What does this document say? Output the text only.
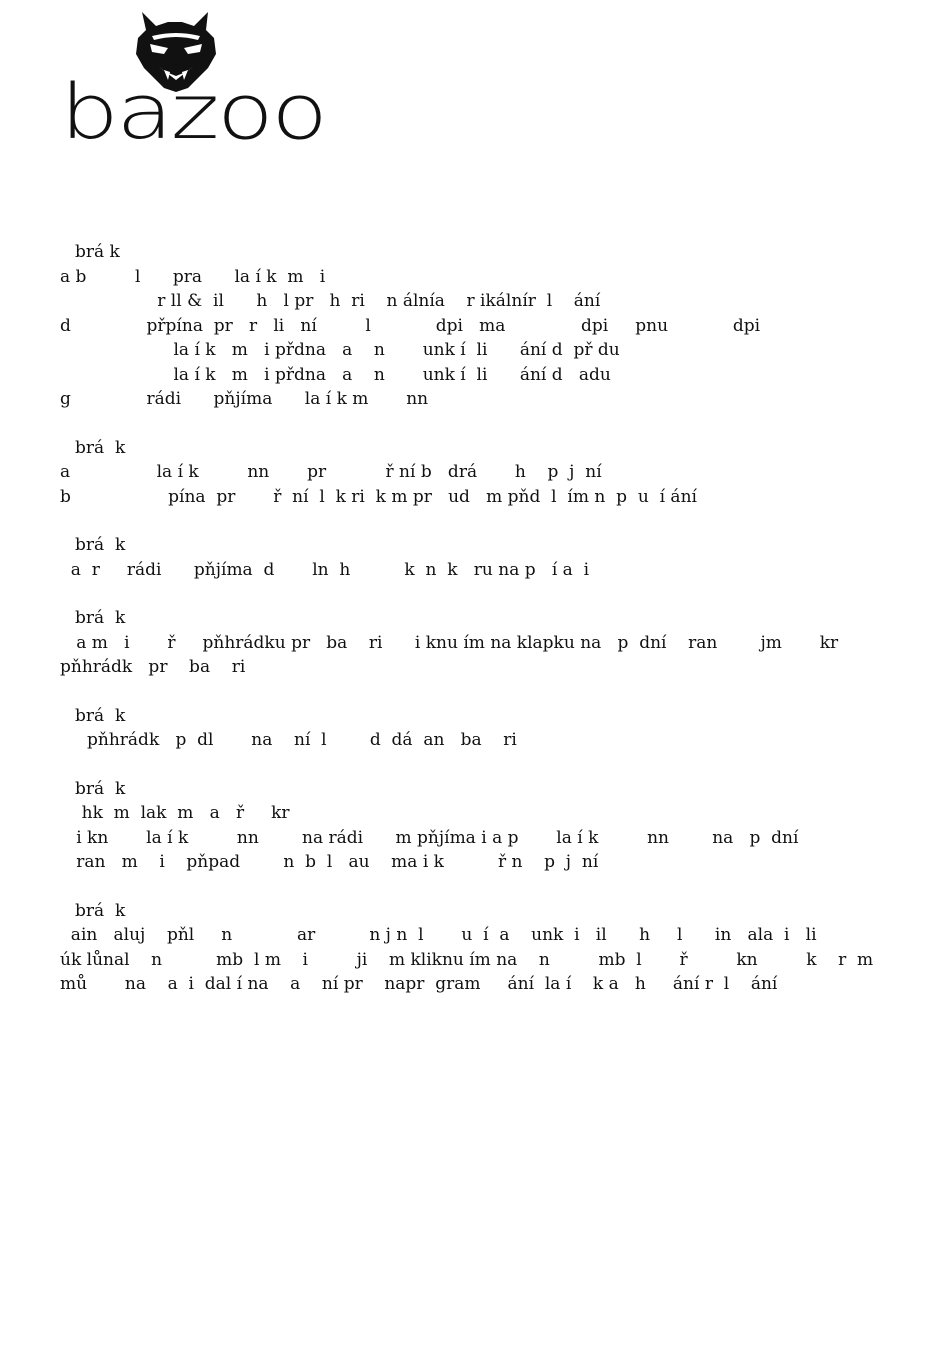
bazoo
brá k
a b         l      pra      la í k  m   i
r ll &  il      h   l pr   h  ri    n álnía    r ikálnír  l    ání
d              přpína  pr   r   li   ní         l            dpi   ma              dpi     pnu            dpi
la í k   m   i přdna   a    n       unk í  li      ání d  př du
la í k   m   i přdna   a    n       unk í  li      ání d   adu
g              rádi      pňjíma      la í k m       nn
brá  k
a                la í k         nn       pr           ř ní b   drá       h    p  j  ní
b                  pína  pr       ř  ní  l  k ri  k m pr   ud   m pňd  l  ím n  p  u  í ání
brá  k
a  r     rádi      pňjíma  d       ln  h          k  n  k   ru na p   í a  i
brá  k
a m   i       ř     pňhrádku pr   ba    ri      i knu ím na klapku na   p  dní    ran        jm       kr
pňhrádk   pr    ba    ri
brá  k
pňhrádk   p  dl       na    ní  l        d  dá  an   ba    ri
brá  k
hk  m  lak  m   a   ř     kr
i kn       la í k         nn        na rádi      m pňjíma i a p       la í k         nn        na   p  dní
ran   m    i    pňpad        n  b  l   au    ma i k          ř n    p  j  ní
brá  k
ain   aluj    pňl     n            ar          n j n  l       u  í  a    unk  i   il      h     l      in   ala  i   li
úk lůnal    n          mb  l m    i         ji    m kliknu ím na    n         mb  l       ř         kn         k    r  m
mů       na    a  i  dal í na    a    ní pr    napr  gram     ání  la í    k a   h     ání r  l    ání
